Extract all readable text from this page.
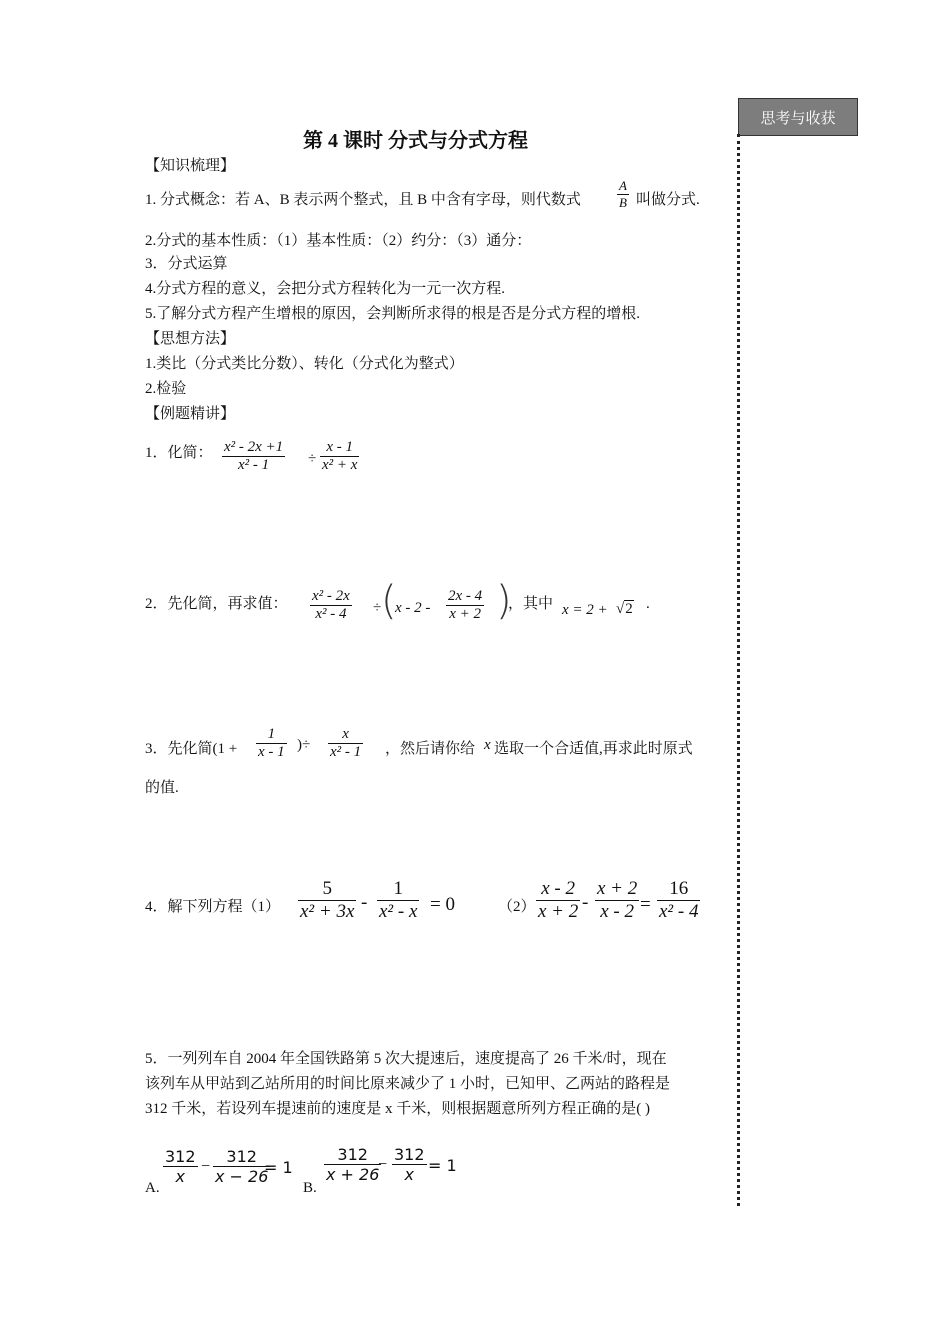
思考与收获
第 4 课时 分式与分式方程
【知识梳理】
1. 分式概念：若 A、B 表示两个整式，且 B 中含有字母，则代数式	$\frac{A}{B}$ 叫做分式.
2.分式的基本性质：（1）基本性质：（2）约分：（3）通分：
3．分式运算
4.分式方程的意义，会把分式方程转化为一元一次方程.
5.了解分式方程产生增根的原因，会判断所求得的根是否是分式方程的增根.
【思想方法】
1.类比（分式类比分数）、转化（分式化为整式）
2.检验
【例题精讲】
1．化简： $\frac{\text{x² - 2x +1}}{\text{x² - 1}} \div \frac{x - 1}{\text{x² + x}}$
2．先化简，再求值： $\frac{\text{x² - 2x}}{\text{x² - 4}}$ ÷ (
x - $2 - \frac{2x - 4}{x + 2}$ )
，其中 x = 2 + √2 .
3．先化简($1 + \frac{1}{x - 1}$ )÷ $\frac{x}{\text{x² - 1}}$ ，然后请你给 x 选取一个合适值,再求此时原式
的值.
4．解下列方程$(1) \frac{5}{\text{x² + 3x}} - \frac{1}{\text{x² - x}} = 0$	$(2) \frac{x - 2}{x + 2} - \frac{x + 2}{x - 2} = \frac{16}{\text{x² - 4}}$
5．一列列车自 2004 年全国铁路第 5 次大提速后，速度提高了 26 千米/时，现在
该列车从甲站到乙站所用的时间比原来减少了 1 小时，已知甲、乙两站的路程是
312 千米，若设列车提速前的速度是 x 千米，则根据题意所列方程正确的是( )
A.
$\frac{312}{x} - \frac{312}{x - 26}$
= 1
B.
$\frac{312}{x + 26}$
− $\frac{312}{x} = 1$
